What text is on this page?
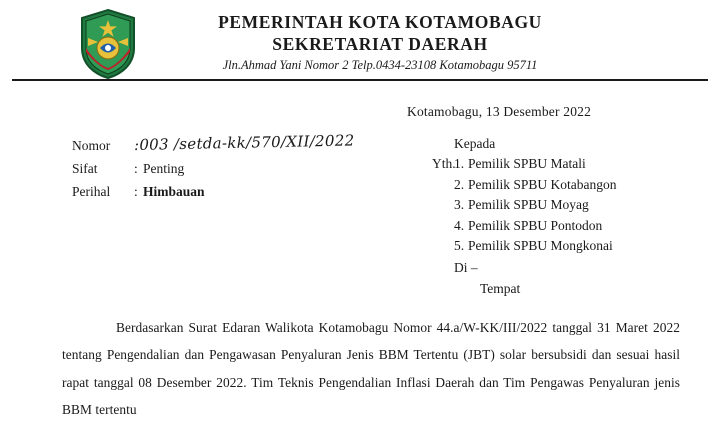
PEMERINTAH KOTA KOTAMOBAGU
SEKRETARIAT DAERAH
Jln.Ahmad Yani Nomor 2 Telp.0434-23108 Kotamobagu 95711
Kotamobagu, 13 Desember 2022
Nomor	:003 /setda-kk/570/XII/2022
Sifat	: Penting
Perihal	: Himbauan
Kepada
Yth.
1. Pemilik SPBU Matali
2. Pemilik SPBU Kotabangon
3. Pemilik SPBU Moyag
4. Pemilik SPBU Pontodon
5. Pemilik SPBU Mongkonai
Di –
Tempat

Berdasarkan Surat Edaran Walikota Kotamobagu Nomor 44.a/W-KK/III/2022 tanggal 31 Maret 2022 tentang Pengendalian dan Pengawasan Penyaluran Jenis BBM Tertentu (JBT) solar bersubsidi dan sesuai hasil rapat tanggal 08 Desember 2022. Tim Teknis Pengendalian Inflasi Daerah dan Tim Pengawas Penyaluran jenis BBM tertentu
